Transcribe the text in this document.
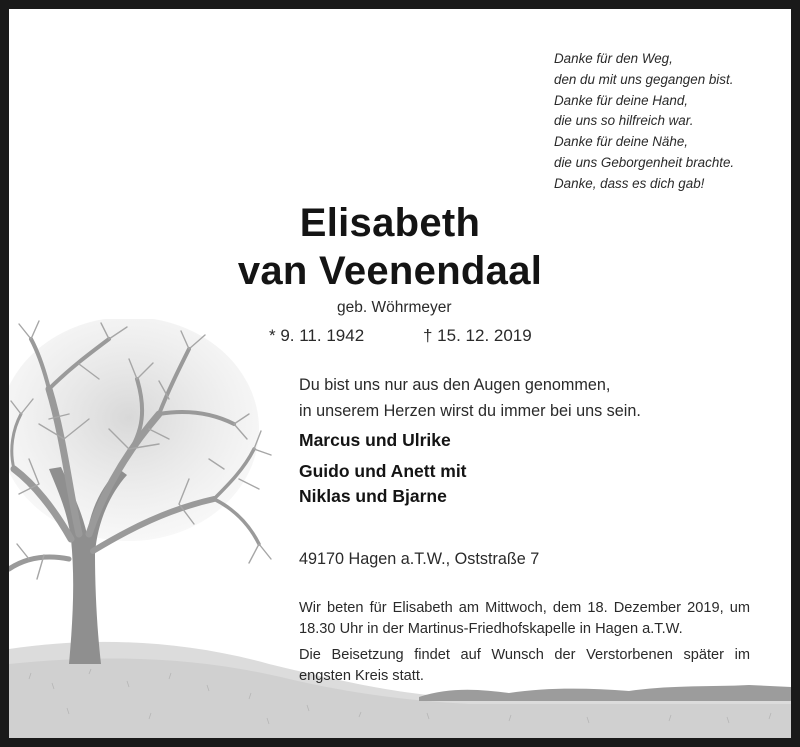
Danke für den Weg,
den du mit uns gegangen bist.
Danke für deine Hand,
die uns so hilfreich war.
Danke für deine Nähe,
die uns Geborgenheit brachte.
Danke, dass es dich gab!
Elisabeth
van Veenendaal
geb. Wöhrmeyer
* 9. 11. 1942	† 15. 12. 2019
Du bist uns nur aus den Augen genommen,
in unserem Herzen wirst du immer bei uns sein.
Marcus und Ulrike
Guido und Anett mit
Niklas und Bjarne
49170 Hagen a.T.W., Oststraße 7
Wir beten für Elisabeth am Mittwoch, dem 18. Dezember 2019, um 18.30 Uhr in der Martinus-Friedhofskapelle in Hagen a.T.W.
Die Beisetzung findet auf Wunsch der Verstorbenen später im engsten Kreis statt.
